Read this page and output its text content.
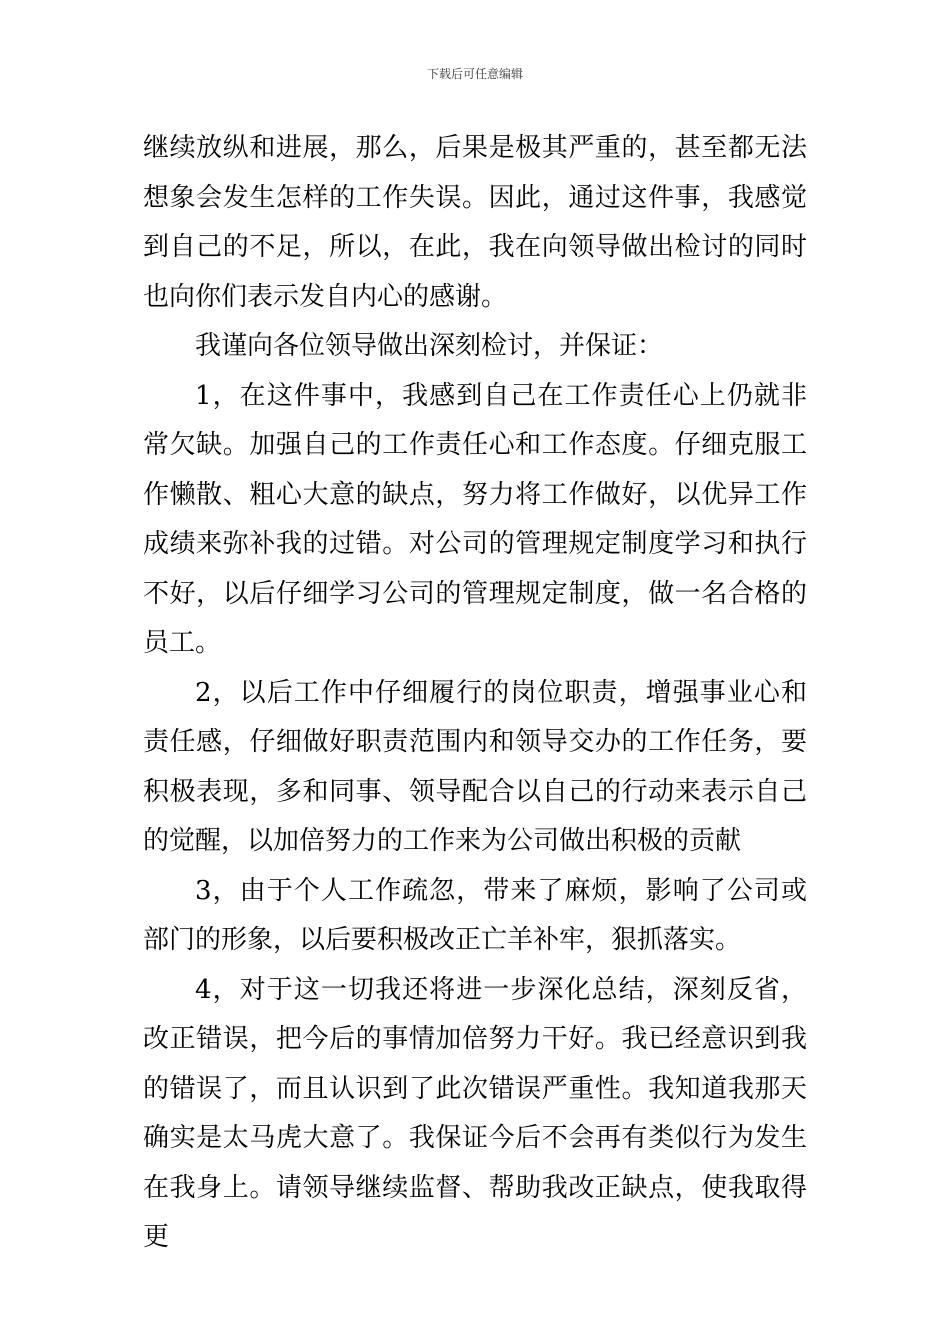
下载后可任意编辑

继续放纵和进展，那么，后果是极其严重的，甚至都无法想象会发生怎样的工作失误。因此，通过这件事，我感觉到自己的不足，所以，在此，我在向领导做出检讨的同时也向你们表示发自内心的感谢。

我谨向各位领导做出深刻检讨，并保证：

1，在这件事中，我感到自己在工作责任心上仍就非常欠缺。加强自己的工作责任心和工作态度。仔细克服工作懒散、粗心大意的缺点，努力将工作做好，以优异工作成绩来弥补我的过错。对公司的管理规定制度学习和执行不好，以后仔细学习公司的管理规定制度，做一名合格的员工。

2，以后工作中仔细履行的岗位职责，增强事业心和责任感，仔细做好职责范围内和领导交办的工作任务，要积极表现，多和同事、领导配合以自己的行动来表示自己的觉醒，以加倍努力的工作来为公司做出积极的贡献

3，由于个人工作疏忽，带来了麻烦，影响了公司或部门的形象，以后要积极改正亡羊补牢，狠抓落实。

4，对于这一切我还将进一步深化总结，深刻反省，改正错误，把今后的事情加倍努力干好。我已经意识到我的错误了，而且认识到了此次错误严重性。我知道我那天确实是太马虎大意了。我保证今后不会再有类似行为发生在我身上。请领导继续监督、帮助我改正缺点，使我取得更
